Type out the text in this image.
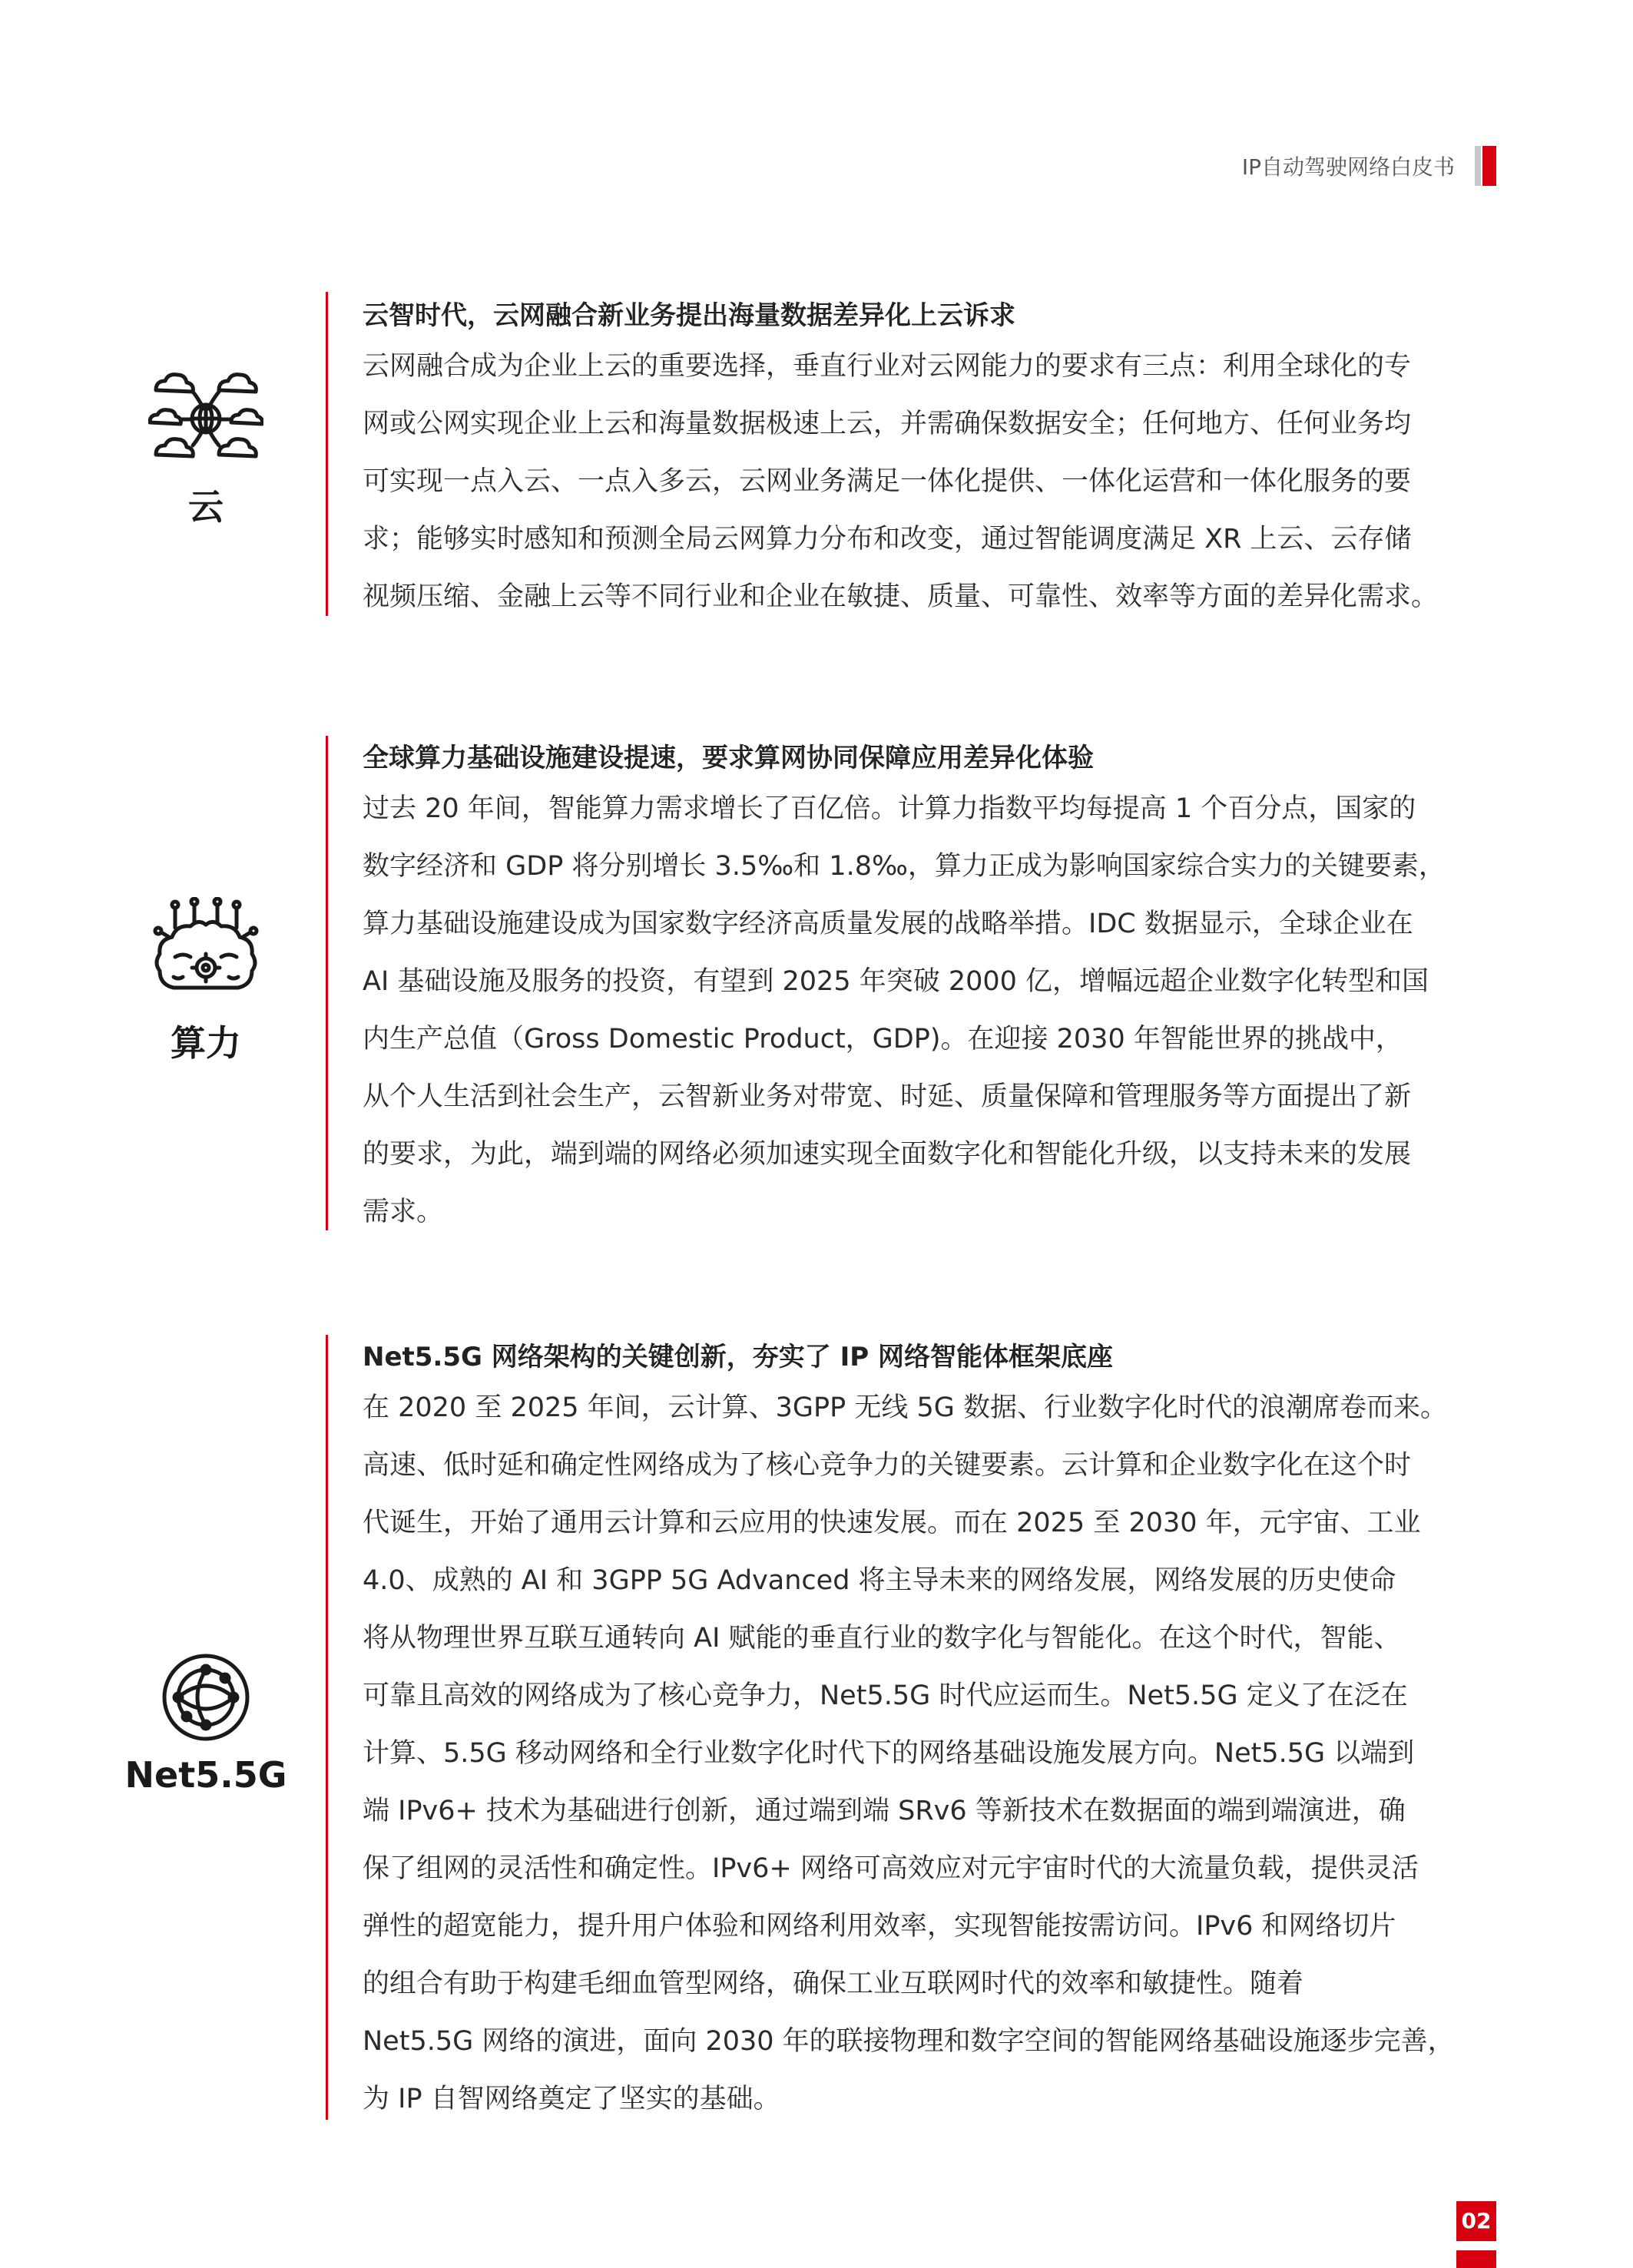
IP自动驾驶网络白皮书
云
云智时代，云网融合新业务提出海量数据差异化上云诉求

云网融合成为企业上云的重要选择，垂直行业对云网能力的要求有三点：利用全球化的专

网或公网实现企业上云和海量数据极速上云，并需确保数据安全；任何地方、任何业务均

可实现一点入云、一点入多云，云网业务满足一体化提供、一体化运营和一体化服务的要

求；能够实时感知和预测全局云网算力分布和改变，通过智能调度满足 XR 上云、云存储

视频压缩、金融上云等不同行业和企业在敏捷、质量、可靠性、效率等方面的差异化需求。

算力
全球算力基础设施建设提速，要求算网协同保障应用差异化体验

过去 20 年间，智能算力需求增长了百亿倍。计算力指数平均每提高 1 个百分点，国家的

数字经济和 GDP 将分别增长 3.5‰和 1.8‰，算力正成为影响国家综合实力的关键要素，

算力基础设施建设成为国家数字经济高质量发展的战略举措。IDC 数据显示，全球企业在

AI 基础设施及服务的投资，有望到 2025 年突破 2000 亿，增幅远超企业数字化转型和国

内生产总值（Gross Domestic Product，GDP)。在迎接 2030 年智能世界的挑战中，

从个人生活到社会生产，云智新业务对带宽、时延、质量保障和管理服务等方面提出了新

的要求，为此，端到端的网络必须加速实现全面数字化和智能化升级，以支持未来的发展

需求。

Net5.5G
Net5.5G 网络架构的关键创新，夯实了 IP 网络智能体框架底座

在 2020 至 2025 年间，云计算、3GPP 无线 5G 数据、行业数字化时代的浪潮席卷而来。

高速、低时延和确定性网络成为了核心竞争力的关键要素。云计算和企业数字化在这个时

代诞生，开始了通用云计算和云应用的快速发展。而在 2025 至 2030 年，元宇宙、工业

4.0、成熟的 AI 和 3GPP 5G Advanced 将主导未来的网络发展，网络发展的历史使命

将从物理世界互联互通转向 AI 赋能的垂直行业的数字化与智能化。在这个时代，智能、

可靠且高效的网络成为了核心竞争力，Net5.5G 时代应运而生。Net5.5G 定义了在泛在

计算、5.5G 移动网络和全行业数字化时代下的网络基础设施发展方向。Net5.5G 以端到

端 IPv6+ 技术为基础进行创新，通过端到端 SRv6 等新技术在数据面的端到端演进，确

保了组网的灵活性和确定性。IPv6+ 网络可高效应对元宇宙时代的大流量负载，提供灵活

弹性的超宽能力，提升用户体验和网络利用效率，实现智能按需访问。IPv6 和网络切片

的组合有助于构建毛细血管型网络，确保工业互联网时代的效率和敏捷性。随着

Net5.5G 网络的演进，面向 2030 年的联接物理和数字空间的智能网络基础设施逐步完善，

为 IP 自智网络奠定了坚实的基础。

02
